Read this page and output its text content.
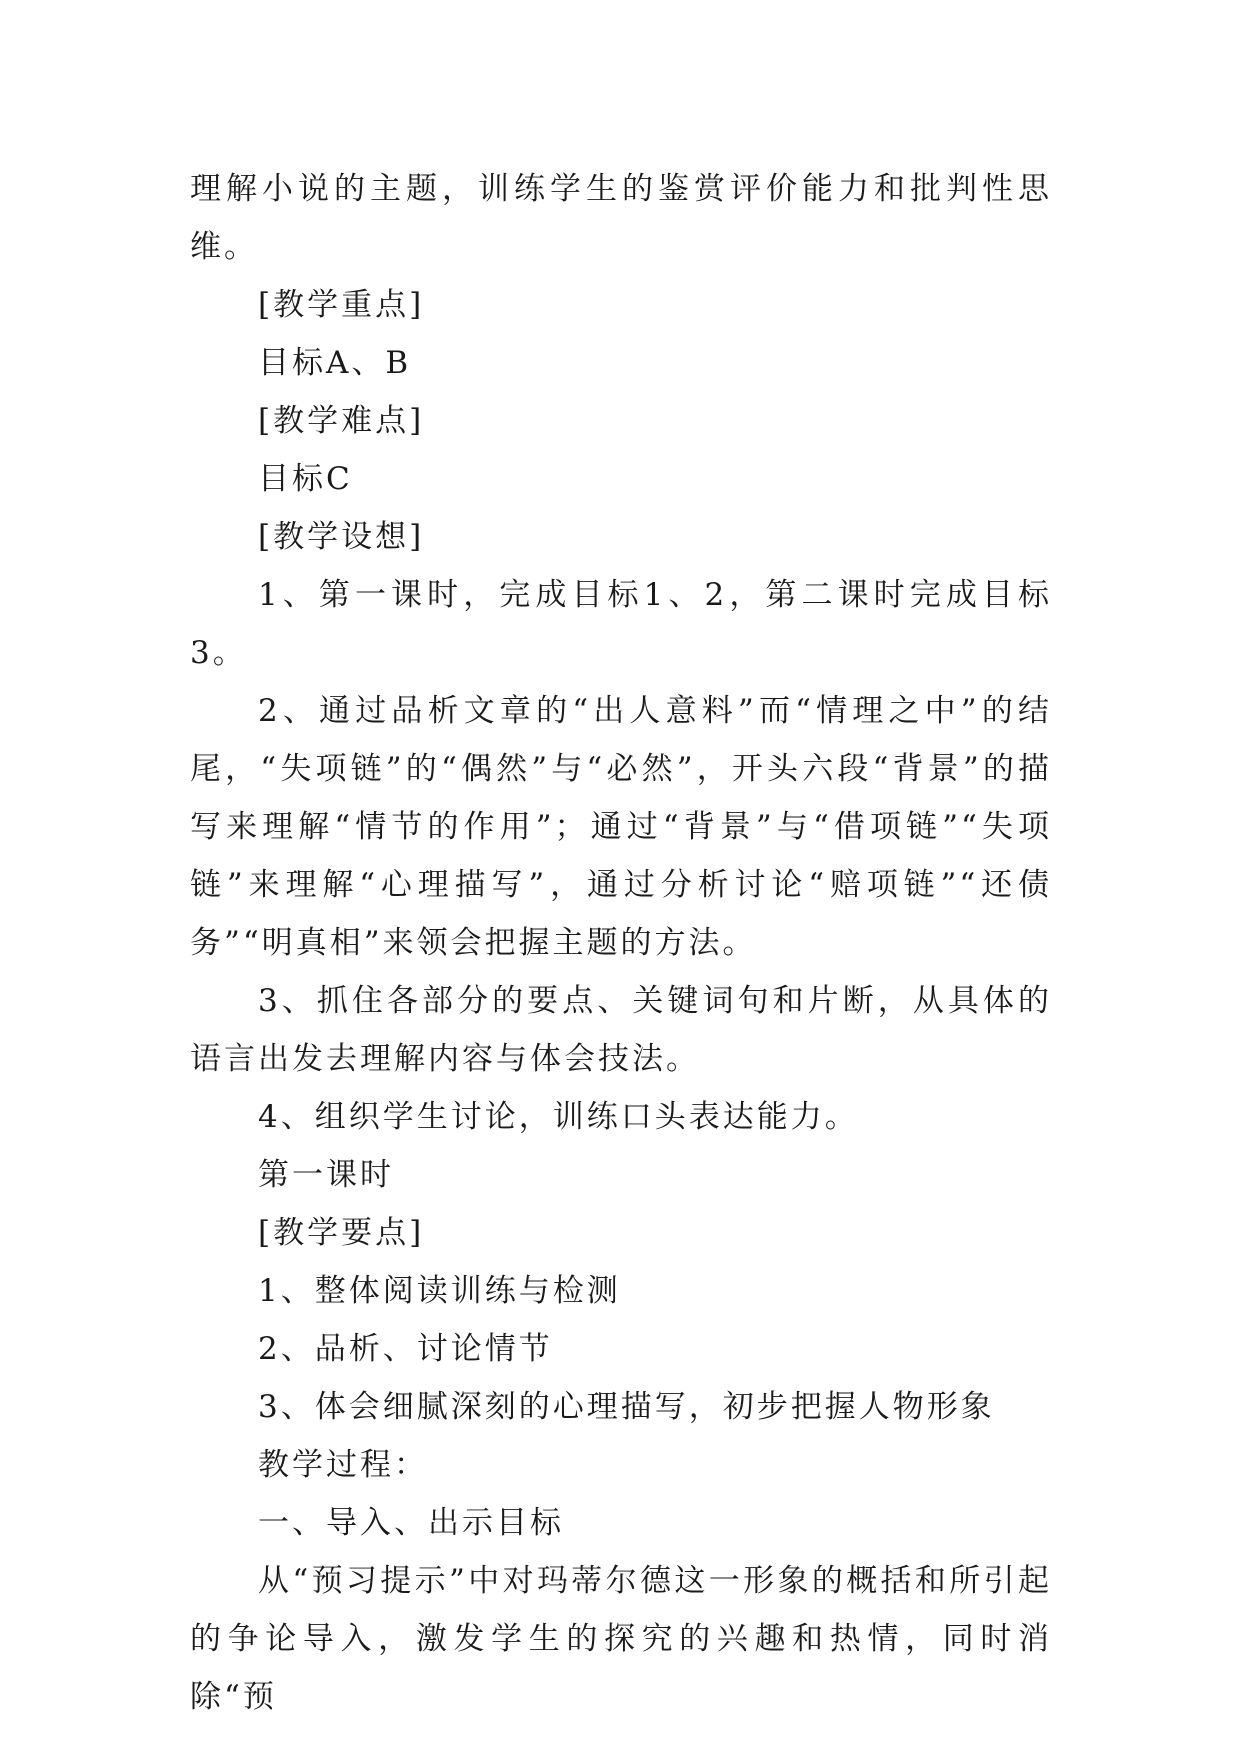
理解小说的主题，训练学生的鉴赏评价能力和批判性思维。

[教学重点]

目标A、B

[教学难点]

目标C

[教学设想]

1、第一课时，完成目标1、2，第二课时完成目标3。

2、通过品析文章的“出人意料”而“情理之中”的结尾，“失项链”的“偶然”与“必然”，开头六段“背景”的描写来理解“情节的作用”；通过“背景”与“借项链”“失项链”来理解“心理描写”，通过分析讨论“赔项链”“还债务”“明真相”来领会把握主题的方法。

3、抓住各部分的要点、关键词句和片断，从具体的语言出发去理解内容与体会技法。

4、组织学生讨论，训练口头表达能力。

第一课时

[教学要点]

1、整体阅读训练与检测

2、品析、讨论情节

3、体会细腻深刻的心理描写，初步把握人物形象

教学过程：

一、导入、出示目标

从“预习提示”中对玛蒂尔德这一形象的概括和所引起的争论导入，激发学生的探究的兴趣和热情，同时消除“预
